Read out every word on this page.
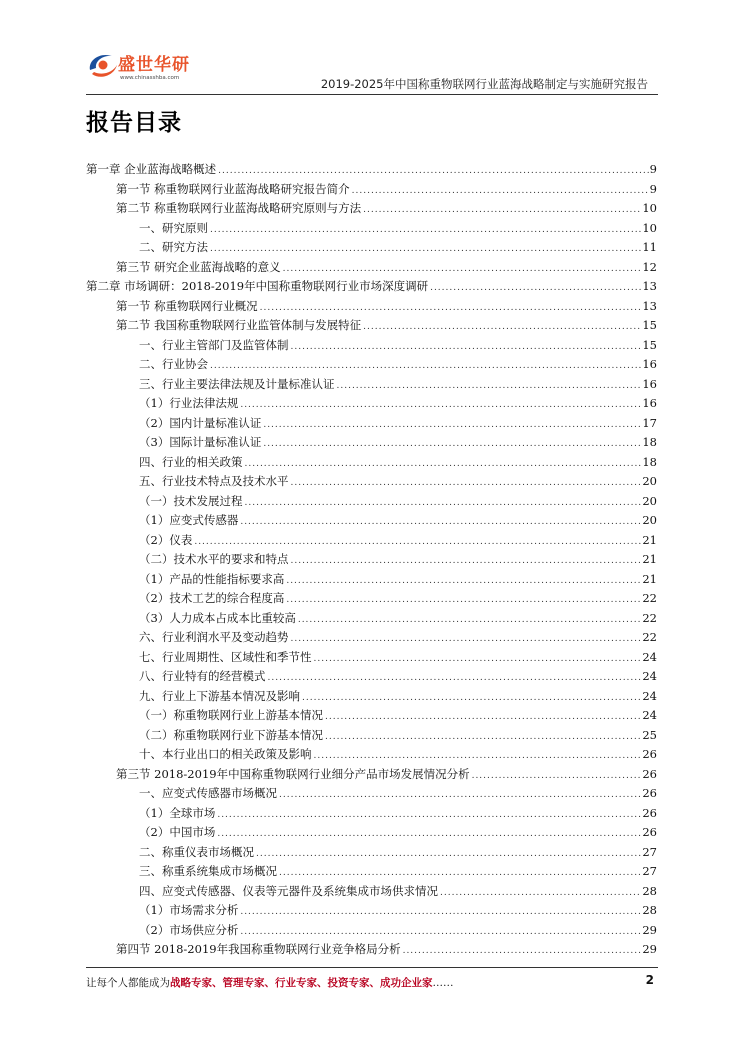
盛世华研
www.chinasshba.com	2019-2025年中国称重物联网行业蓝海战略制定与实施研究报告
报告目录
第一章 企业蓝海战略概述 .....	9
第一节 称重物联网行业蓝海战略研究报告简介 .....	9
第二节 称重物联网行业蓝海战略研究原则与方法 .....	10
一、研究原则 .....	10
二、研究方法 .....	11
第三节 研究企业蓝海战略的意义 .....	12
第二章 市场调研：2018-2019年中国称重物联网行业市场深度调研 .....	13
第一节 称重物联网行业概况 .....	13
第二节 我国称重物联网行业监管体制与发展特征 .....	15
一、行业主管部门及监管体制 .....	15
二、行业协会 .....	16
三、行业主要法律法规及计量标准认证 .....	16
（1）行业法律法规 .....	16
（2）国内计量标准认证 .....	17
（3）国际计量标准认证 .....	18
四、行业的相关政策 .....	18
五、行业技术特点及技术水平 .....	20
（一）技术发展过程 .....	20
（1）应变式传感器 .....	20
（2）仪表 .....	21
（二）技术水平的要求和特点 .....	21
（1）产品的性能指标要求高 .....	21
（2）技术工艺的综合程度高 .....	22
（3）人力成本占成本比重较高 .....	22
六、行业利润水平及变动趋势 .....	22
七、行业周期性、区域性和季节性 .....	24
八、行业特有的经营模式 .....	24
九、行业上下游基本情况及影响 .....	24
（一）称重物联网行业上游基本情况 .....	24
（二）称重物联网行业下游基本情况 .....	25
十、本行业出口的相关政策及影响 .....	26
第三节 2018-2019年中国称重物联网行业细分产品市场发展情况分析 .....	26
一、应变式传感器市场概况 .....	26
（1）全球市场 .....	26
（2）中国市场 .....	26
二、称重仪表市场概况 .....	27
三、称重系统集成市场概况 .....	27
四、应变式传感器、仪表等元器件及系统集成市场供求情况 .....	28
（1）市场需求分析 .....	28
（2）市场供应分析 .....	29
第四节 2018-2019年我国称重物联网行业竞争格局分析 .....	29
让每个人都能成为战略专家、管理专家、行业专家、投资专家、成功企业家……	2
